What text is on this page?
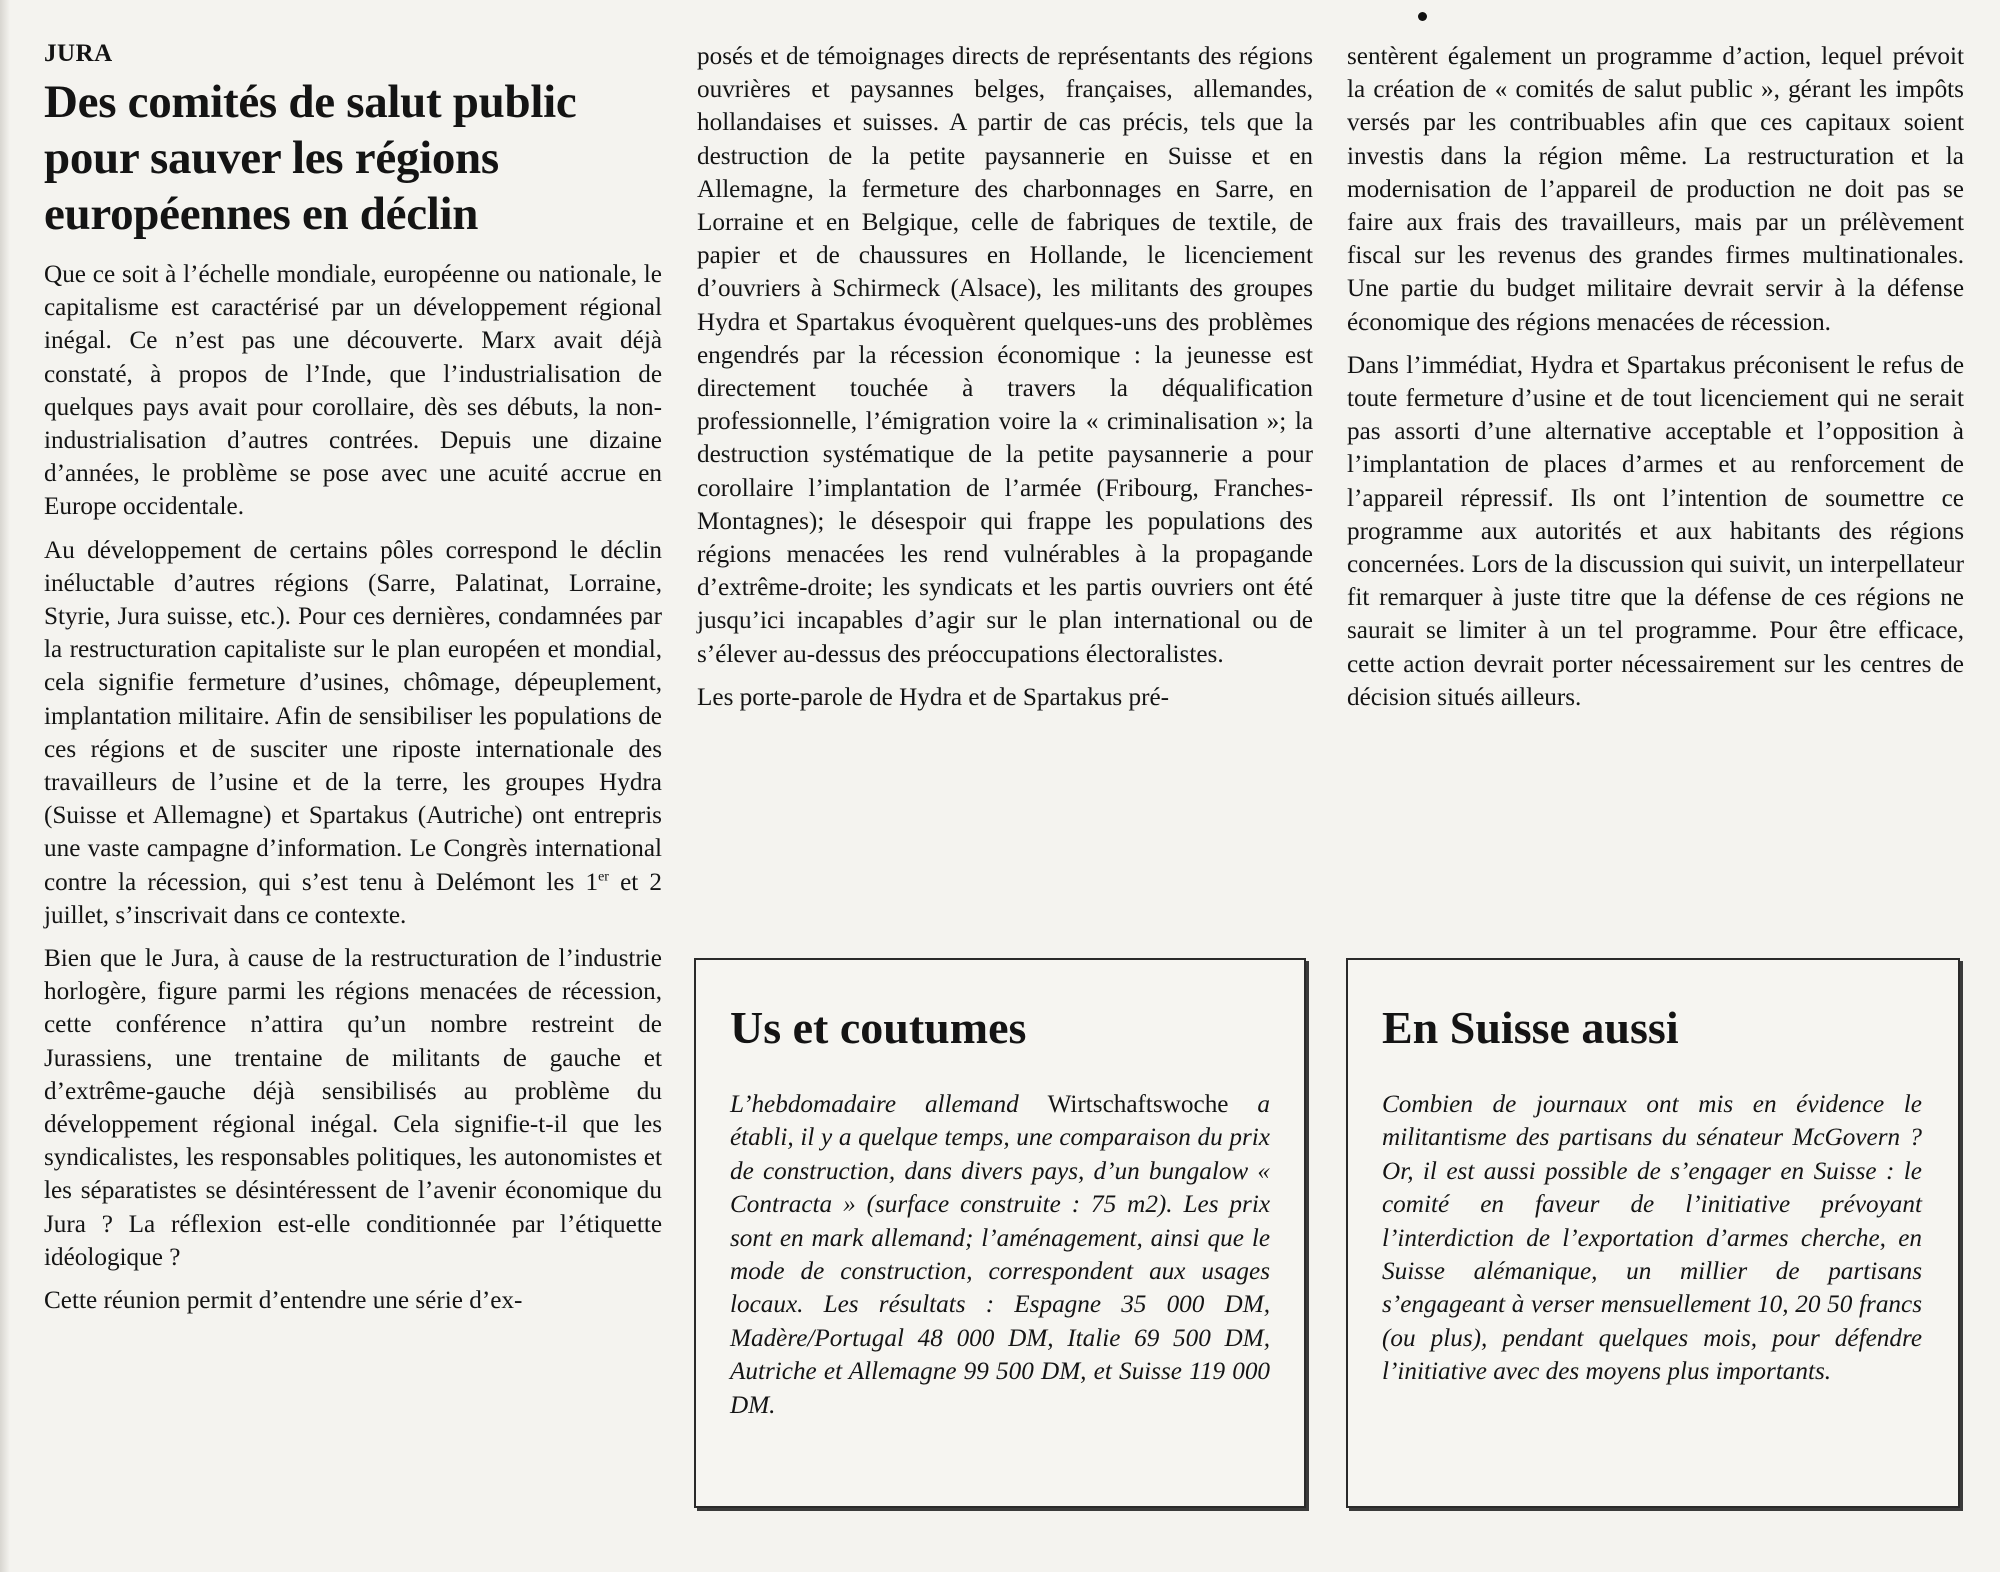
JURA
Des comités de salut public pour sauver les régions européennes en déclin

Que ce soit à l’échelle mondiale, européenne ou nationale, le capitalisme est caractérisé par un développement régional inégal. Ce n’est pas une découverte. Marx avait déjà constaté, à propos de l’Inde, que l’industrialisation de quelques pays avait pour corollaire, dès ses débuts, la non-industrialisation d’autres contrées. Depuis une dizaine d’années, le problème se pose avec une acuité accrue en Europe occidentale.

Au développement de certains pôles correspond le déclin inéluctable d’autres régions (Sarre, Palatinat, Lorraine, Styrie, Jura suisse, etc.). Pour ces dernières, condamnées par la restructuration capitaliste sur le plan européen et mondial, cela signifie fermeture d’usines, chômage, dépeuplement, implantation militaire. Afin de sensibiliser les populations de ces régions et de susciter une riposte internationale des travailleurs de l’usine et de la terre, les groupes Hydra (Suisse et Allemagne) et Spartakus (Autriche) ont entrepris une vaste campagne d’information. Le Congrès international contre la récession, qui s’est tenu à Delémont les 1er et 2 juillet, s’inscrivait dans ce contexte.

Bien que le Jura, à cause de la restructuration de l’industrie horlogère, figure parmi les régions menacées de récession, cette conférence n’attira qu’un nombre restreint de Jurassiens, une trentaine de militants de gauche et d’extrême-gauche déjà sensibilisés au problème du développement régional inégal. Cela signifie-t-il que les syndicalistes, les responsables politiques, les autonomistes et les séparatistes se désintéressent de l’avenir économique du Jura ? La réflexion est-elle conditionnée par l’étiquette idéologique ?

Cette réunion permit d’entendre une série d’ex-

posés et de témoignages directs de représentants des régions ouvrières et paysannes belges, françaises, allemandes, hollandaises et suisses. A partir de cas précis, tels que la destruction de la petite paysannerie en Suisse et en Allemagne, la fermeture des charbonnages en Sarre, en Lorraine et en Belgique, celle de fabriques de textile, de papier et de chaussures en Hollande, le licenciement d’ouvriers à Schirmeck (Alsace), les militants des groupes Hydra et Spartakus évoquèrent quelques-uns des problèmes engendrés par la récession économique : la jeunesse est directement touchée à travers la déqualification professionnelle, l’émigration voire la « criminalisation »; la destruction systématique de la petite paysannerie a pour corollaire l’implantation de l’armée (Fribourg, Franches-Montagnes); le désespoir qui frappe les populations des régions menacées les rend vulnérables à la propagande d’extrême-droite; les syndicats et les partis ouvriers ont été jusqu’ici incapables d’agir sur le plan international ou de s’élever au-dessus des préoccupations électoralistes.

Les porte-parole de Hydra et de Spartakus pré-

sentèrent également un programme d’action, lequel prévoit la création de « comités de salut public », gérant les impôts versés par les contribuables afin que ces capitaux soient investis dans la région même. La restructuration et la modernisation de l’appareil de production ne doit pas se faire aux frais des travailleurs, mais par un prélèvement fiscal sur les revenus des grandes firmes multinationales. Une partie du budget militaire devrait servir à la défense économique des régions menacées de récession.

Dans l’immédiat, Hydra et Spartakus préconisent le refus de toute fermeture d’usine et de tout licenciement qui ne serait pas assorti d’une alternative acceptable et l’opposition à l’implantation de places d’armes et au renforcement de l’appareil répressif. Ils ont l’intention de soumettre ce programme aux autorités et aux habitants des régions concernées. Lors de la discussion qui suivit, un interpellateur fit remarquer à juste titre que la défense de ces régions ne saurait se limiter à un tel programme. Pour être efficace, cette action devrait porter nécessairement sur les centres de décision situés ailleurs.

Us et coutumes
L’hebdomadaire allemand Wirtschaftswoche a établi, il y a quelque temps, une comparaison du prix de construction, dans divers pays, d’un bungalow « Contracta » (surface construite : 75 m2). Les prix sont en mark allemand; l’aménagement, ainsi que le mode de construction, correspondent aux usages locaux. Les résultats : Espagne 35 000 DM, Madère/Portugal 48 000 DM, Italie 69 500 DM, Autriche et Allemagne 99 500 DM, et Suisse 119 000 DM.
En Suisse aussi
Combien de journaux ont mis en évidence le militantisme des partisans du sénateur McGovern ? Or, il est aussi possible de s’engager en Suisse : le comité en faveur de l’initiative prévoyant l’interdiction de l’exportation d’armes cherche, en Suisse alémanique, un millier de partisans s’engageant à verser mensuellement 10, 20 50 francs (ou plus), pendant quelques mois, pour défendre l’initiative avec des moyens plus importants.
